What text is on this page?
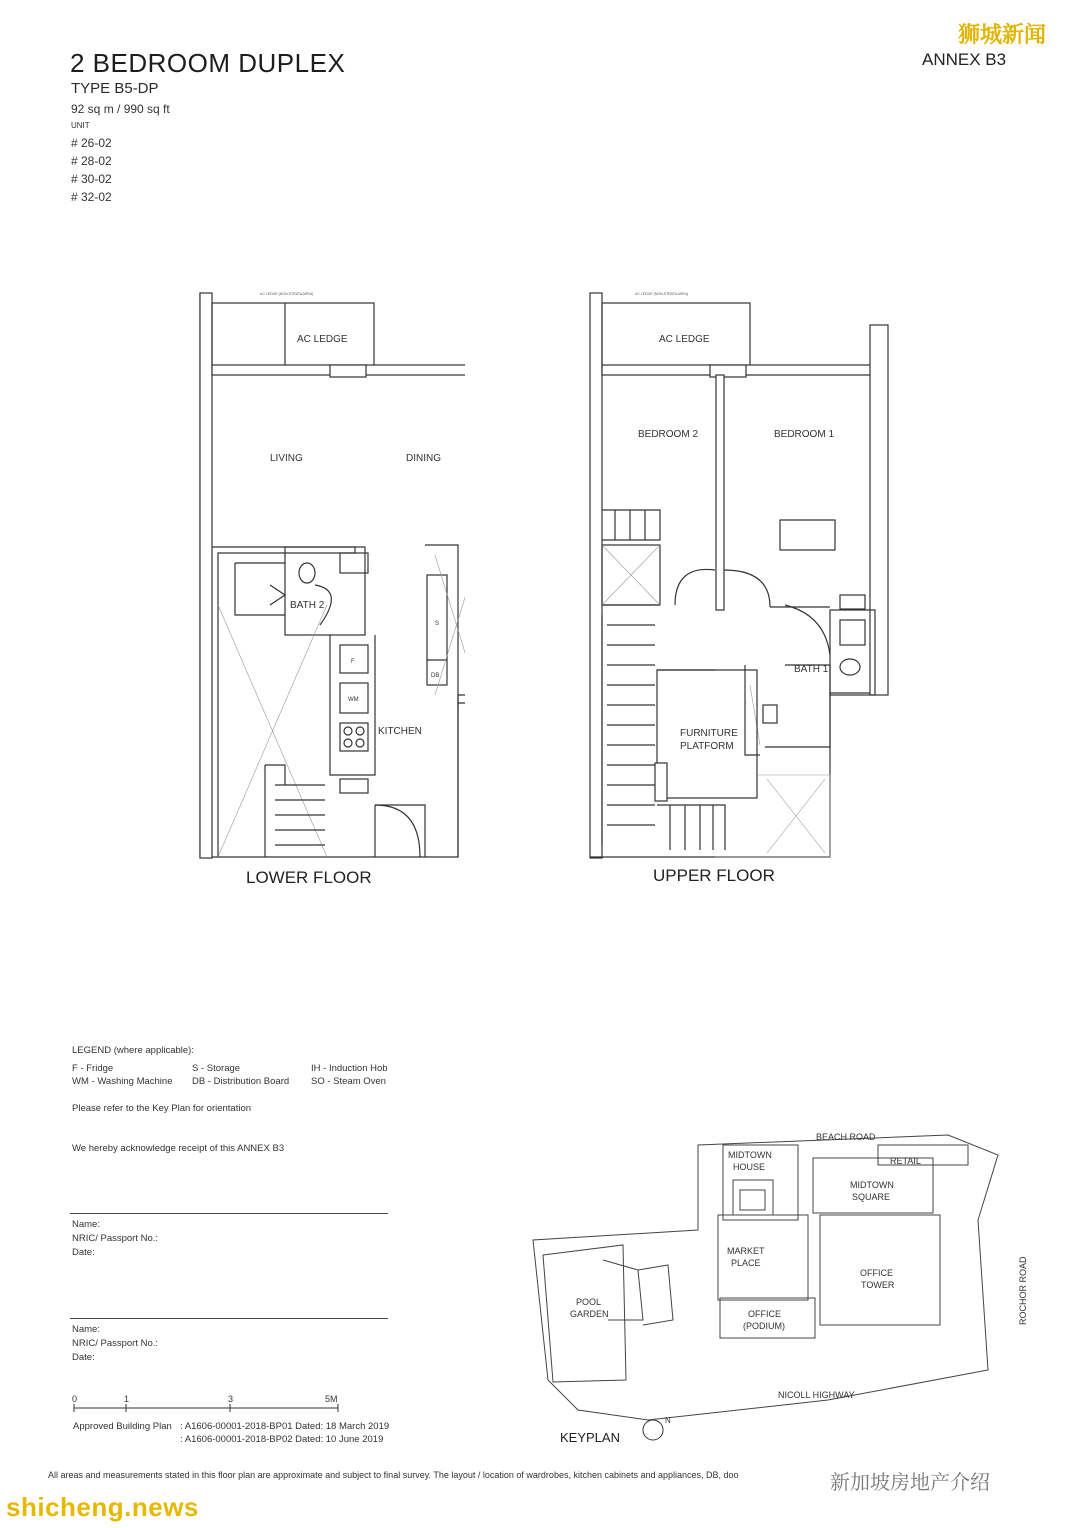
狮城新闻
2 BEDROOM DUPLEX
TYPE B5-DP
92 sq m / 990 sq ft
UNIT
# 26-02
# 28-02
# 30-02
# 32-02
ANNEX B3
AC LEDGE (NON-STRATA AREA)
AC LEDGE
LIVING	DINING
BATH 2
KITCHEN
S
DB
F
WM
LOWER FLOOR
AC LEDGE (NON-STRATA AREA)
AC LEDGE
BEDROOM 2	BEDROOM 1
BATH 1
FURNITURE
PLATFORM
UPPER FLOOR
LEGEND (where applicable):
F - Fridge	S - Storage	IH - Induction Hob
WM - Washing Machine DB - Distribution Board SO - Steam Oven
Please refer to the Key Plan for orientation
We hereby acknowledge receipt of this ANNEX B3
Name:
NRIC/ Passport No.:
Date:
Name:
NRIC/ Passport No.:
Date:
0	1	3	5M
Approved Building Plan : A1606-00001-2018-BP01 Dated: 18 March 2019
: A1606-00001-2018-BP02 Dated: 10 June 2019
BEACH ROAD
RETAIL
MIDTOWN
HOUSE
MIDTOWN
SQUARE
MARKET
PLACE
OFFICE
TOWER
OFFICE
(PODIUM)
POOL
GARDEN
NICOLL HIGHWAY
ROCHOR ROAD
N
KEYPLAN
All areas and measurements stated in this floor plan are approximate and subject to final survey. The layout / location of wardrobes, kitchen cabinets and appliances, DB, doo	新加坡房地产介绍
shicheng.news
